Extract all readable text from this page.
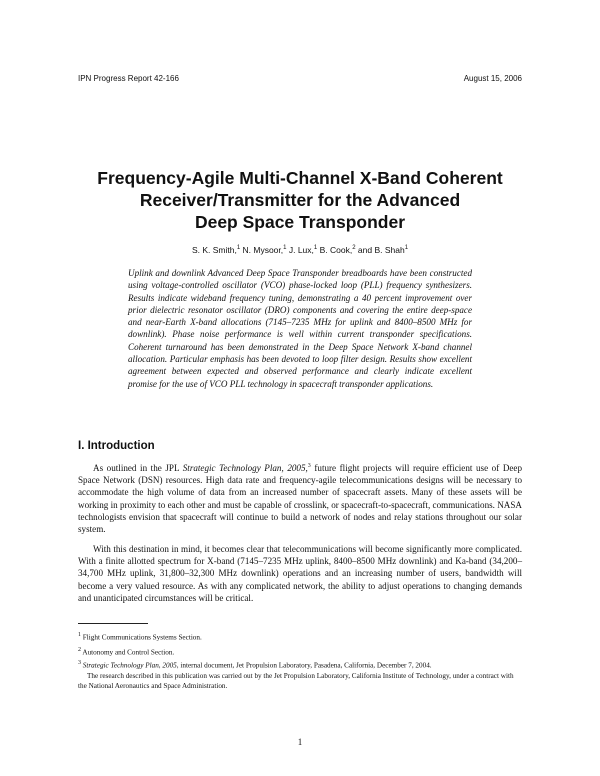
IPN Progress Report 42-166	August 15, 2006
Frequency-Agile Multi-Channel X-Band Coherent
Receiver/Transmitter for the Advanced
Deep Space Transponder
S. K. Smith,$^1$ N. Mysoor,$^1$ J. Lux,$^1$ B. Cook,$^2$ and B. Shah$^1$
Uplink and downlink Advanced Deep Space Transponder breadboards have been constructed using voltage-controlled oscillator (VCO) phase-locked loop (PLL) frequency synthesizers. Results indicate wideband frequency tuning, demonstrating a 40 percent improvement over prior dielectric resonator oscillator (DRO) components and covering the entire deep-space and near-Earth X-band allocations (7145–7235 MHz for uplink and 8400–8500 MHz for downlink). Phase noise performance is well within current transponder specifications. Coherent turnaround has been demonstrated in the Deep Space Network X-band channel allocation. Particular emphasis has been devoted to loop filter design. Results show excellent agreement between expected and observed performance and clearly indicate excellent promise for the use of VCO PLL technology in spacecraft transponder applications.
I. Introduction
As outlined in the JPL Strategic Technology Plan, 2005,$^3$ future flight projects will require efficient use of Deep Space Network (DSN) resources. High data rate and frequency-agile telecommunications designs will be necessary to accommodate the high volume of data from an increased number of spacecraft assets. Many of these assets will be working in proximity to each other and must be capable of crosslink, or spacecraft-to-spacecraft, communications. NASA technologists envision that spacecraft will continue to build a network of nodes and relay stations throughout our solar system.
With this destination in mind, it becomes clear that telecommunications will become significantly more complicated. With a finite allotted spectrum for X-band (7145–7235 MHz uplink, 8400–8500 MHz downlink) and Ka-band (34,200–34,700 MHz uplink, 31,800–32,300 MHz downlink) operations and an increasing number of users, bandwidth will become a very valued resource. As with any complicated network, the ability to adjust operations to changing demands and unanticipated circumstances will be critical.
$^1$ Flight Communications Systems Section.
$^2$ Autonomy and Control Section.
$^3$ Strategic Technology Plan, 2005, internal document, Jet Propulsion Laboratory, Pasadena, California, December 7, 2004.
The research described in this publication was carried out by the Jet Propulsion Laboratory, California Institute of Technology, under a contract with the National Aeronautics and Space Administration.
1
